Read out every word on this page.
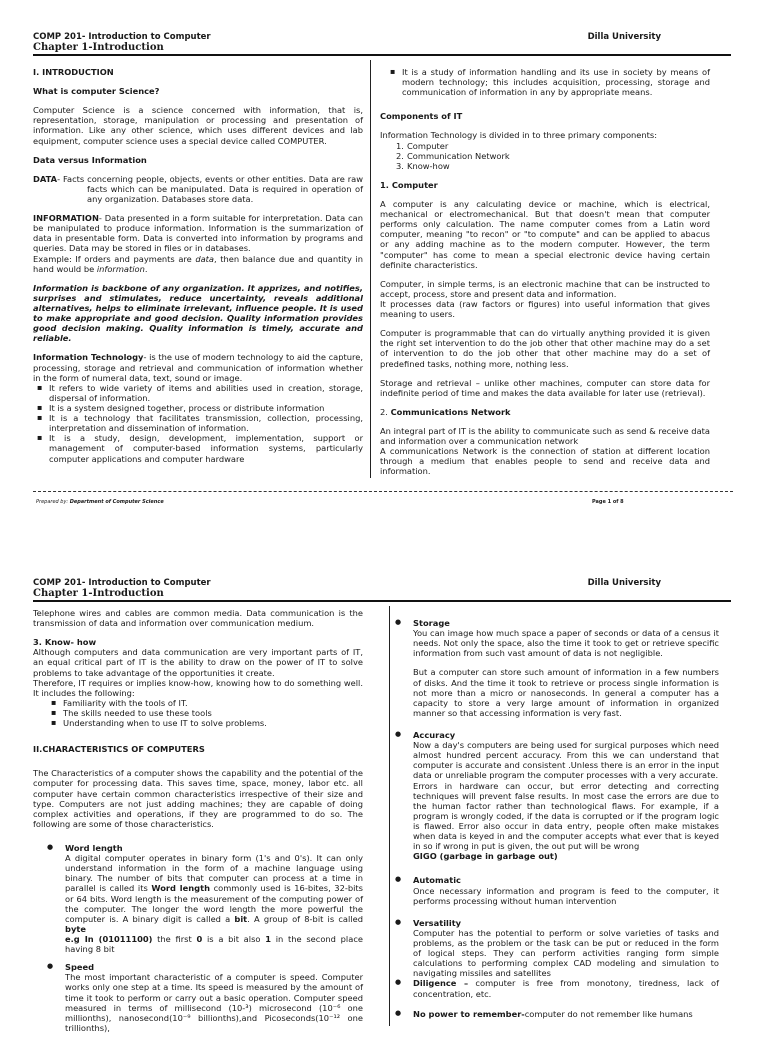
COMP 201- Introduction to Computer
Chapter 1-Introduction
Dilla University
I. INTRODUCTION
What is computer Science?

Computer Science is a science concerned with information, that is, representation, storage, manipulation or processing and presentation of information. Like any other science, which uses different devices and lab equipment, computer science uses a special device called COMPUTER.

Data versus Information

DATA- Facts concerning people, objects, events or other entities. Data are raw facts which can be manipulated. Data is required in operation of any organization. Databases store data.

INFORMATION- Data presented in a form suitable for interpretation. Data can be manipulated to produce information. Information is the summarization of data in presentable form. Data is converted into information by programs and queries. Data may be stored in files or in databases.

Example: If orders and payments are data, then balance due and quantity in hand would be information.

Information is backbone of any organization. It apprizes, and notifies, surprises and stimulates, reduce uncertainty, reveals additional alternatives, helps to eliminate irrelevant, influence people. It is used to make appropriate and good decision. Quality information provides good decision making. Quality information is timely, accurate and reliable.

Information Technology- is the use of modern technology to aid the capture, processing, storage and retrieval and communication of information whether in the form of numeral data, text, sound or image.

▪ It refers to wide variety of items and abilities used in creation, storage, dispersal of information.
▪ It is a system designed together, process or distribute information
▪ It is a technology that facilitates transmission, collection, processing, interpretation and dissemination of information.
▪ It is a study, design, development, implementation, support or management of computer-based information systems, particularly computer applications and computer hardware
▪ It is a study of information handling and its use in society by means of modern technology; this includes acquisition, processing, storage and communication of information in any by appropriate means.
Components of IT

Information Technology is divided in to three primary components:

1. Computer
2. Communication Network
3. Know-how
1. Computer

A computer is any calculating device or machine, which is electrical, mechanical or electromechanical. But that doesn't mean that computer performs only calculation. The name computer comes from a Latin word computer, meaning "to recon" or "to compute" and can be applied to abacus or any adding machine as to the modern computer. However, the term "computer" has come to mean a special electronic device having certain definite characteristics.

Computer, in simple terms, is an electronic machine that can be instructed to accept, process, store and present data and information.

It processes data (raw factors or figures) into useful information that gives meaning to users.

Computer is programmable that can do virtually anything provided it is given the right set intervention to do the job other that other machine may do a set of intervention to do the job other that other machine may do a set of predefined tasks, nothing more, nothing less.

Storage and retrieval – unlike other machines, computer can store data for indefinite period of time and makes the data available for later use (retrieval).

2. Communications Network

An integral part of IT is the ability to communicate such as send & receive data and information over a communication network

A communications Network is the connection of station at different location through a medium that enables people to send and receive data and information.

Prepared by: Department of Computer Science	Page 1 of 8
COMP 201- Introduction to Computer
Chapter 1-Introduction
Dilla University

Telephone wires and cables are common media. Data communication is the transmission of data and information over communication medium.

3. Know- how

Although computers and data communication are very important parts of IT, an equal critical part of IT is the ability to draw on the power of IT to solve problems to take advantage of the opportunities it create.

Therefore, IT requires or implies know-how, knowing how to do something well. It includes the following:

▪ Familiarity with the tools of IT.
▪ The skills needed to use these tools
▪ Understanding when to use IT to solve problems.
II.CHARACTERISTICS OF COMPUTERS

The Characteristics of a computer shows the capability and the potential of the computer for processing data. This saves time, space, money, labor etc. all computer have certain common characteristics irrespective of their size and type. Computers are not just adding machines; they are capable of doing complex activities and operations, if they are programmed to do so. The following are some of those characteristics.

● Word length
A digital computer operates in binary form (1's and 0's). It can only understand information in the form of a machine language using binary. The number of bits that computer can process at a time in parallel is called its Word length commonly used is 16-bites, 32-bits or 64 bits. Word length is the measurement of the computing power of the computer. The longer the word length the more powerful the computer is. A binary digit is called a bit. A group of 8-bit is called byte
e.g In (01011100) the first 0 is a bit also 1 in the second place having 8 bit
● Speed
The most important characteristic of a computer is speed. Computer works only one step at a time. Its speed is measured by the amount of time it took to perform or carry out a basic operation. Computer speed measured in terms of millisecond (10-³) microsecond (10⁻⁶ one millionths), nanosecond(10⁻⁹ billionths),and Picoseconds(10⁻¹² one trillionths),
● Storage

You can image how much space a paper of seconds or data of a census it needs. Not only the space, also the time it took to get or retrieve specific information from such vast amount of data is not negligible.

But a computer can store such amount of information in a few numbers of disks. And the time it took to retrieve or process single information is not more than a micro or nanoseconds. In general a computer has a capacity to store a very large amount of information in organized manner so that accessing information is very fast.

● Accuracy

Now a day's computers are being used for surgical purposes which need almost hundred percent accuracy. From this we can understand that computer is accurate and consistent .Unless there is an error in the input data or unreliable program the computer processes with a very accurate.

Errors in hardware can occur, but error detecting and correcting techniques will prevent false results. In most case the errors are due to the human factor rather than technological flaws. For example, if a program is wrongly coded, if the data is corrupted or if the program logic is flawed. Error also occur in data entry, people often make mistakes when data is keyed in and the computer accepts what ever that is keyed in so if wrong in put is given, the out put will be wrong

GIGO (garbage in garbage out)
● Automatic
Once necessary information and program is feed to the computer, it performs processing without human intervention
● Versatility
Computer has the potential to perform or solve varieties of tasks and problems, as the problem or the task can be put or reduced in the form of logical steps. They can perform activities ranging form simple calculations to performing complex CAD modeling and simulation to navigating missiles and satellites
● Diligence – computer is free from monotony, tiredness, lack of concentration, etc.
● No power to remember-computer do not remember like humans
